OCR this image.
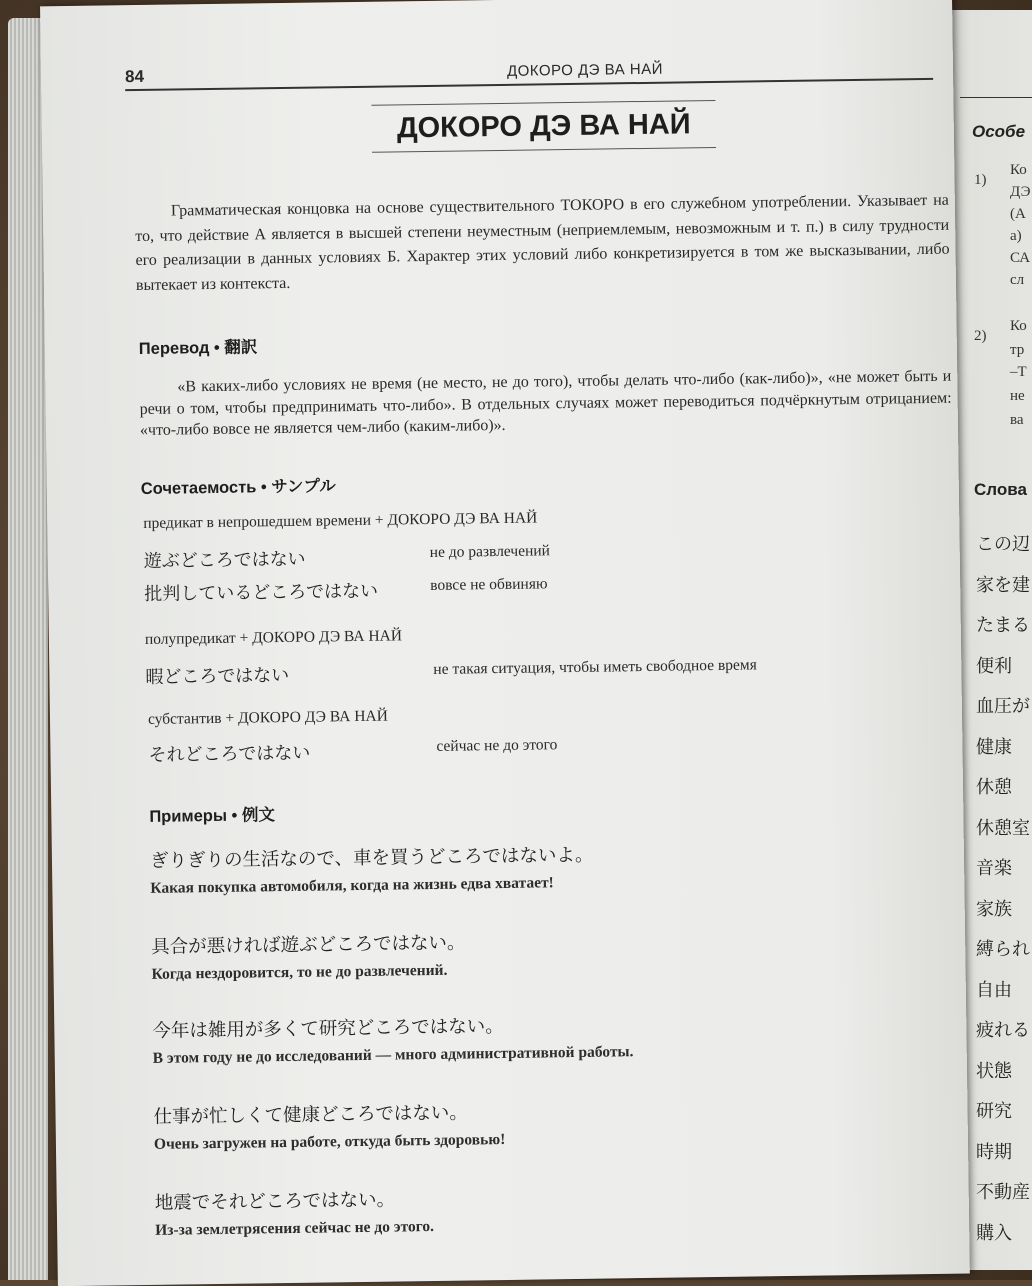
Особе
1)
Ко
ДЭ
(А
а)
СА
сл
2)
Ко
тр
–Т
не
ва
Слова
この辺
家を建
たまる
便利
血圧が
健康
休憩
休憩室
音楽
家族
縛られ
自由
疲れる
状態
研究
時期
不動産
購入
84	ДОКОРО ДЭ ВА НАЙ
ДОКОРО ДЭ ВА НАЙ
Грамматическая концовка на основе существительного ТОКОРО в его служебном употреблении. Указывает на то, что действие А является в высшей степени неуместным (неприемлемым, невозможным и т. п.) в силу трудности его реализации в данных условиях Б. Характер этих условий либо конкретизируется в том же высказывании, либо вытекает из контекста.
Перевод • 翻訳
«В каких-либо условиях не время (не место, не до того), чтобы делать что-либо (как-либо)», «не может быть и речи о том, чтобы предпринимать что-либо». В отдельных случаях может переводиться подчёркнутым отрицанием: «что-либо вовсе не является чем-либо (каким-либо)».
Сочетаемость • サンプル
предикат в непрошедшем времени + ДОКОРО ДЭ ВА НАЙ
遊ぶどころではない	не до развлечений
批判しているどころではない	вовсе не обвиняю
полупредикат + ДОКОРО ДЭ ВА НАЙ
暇どころではない	не такая ситуация, чтобы иметь свободное время
субстантив + ДОКОРО ДЭ ВА НАЙ
それどころではない	сейчас не до этого
Примеры • 例文
ぎりぎりの生活なので、車を買うどころではないよ。
Какая покупка автомобиля, когда на жизнь едва хватает!
具合が悪ければ遊ぶどころではない。
Когда нездоровится, то не до развлечений.
今年は雑用が多くて研究どころではない。
В этом году не до исследований — много административной работы.
仕事が忙しくて健康どころではない。
Очень загружен на работе, откуда быть здоровью!
地震でそれどころではない。
Из-за землетрясения сейчас не до этого.
